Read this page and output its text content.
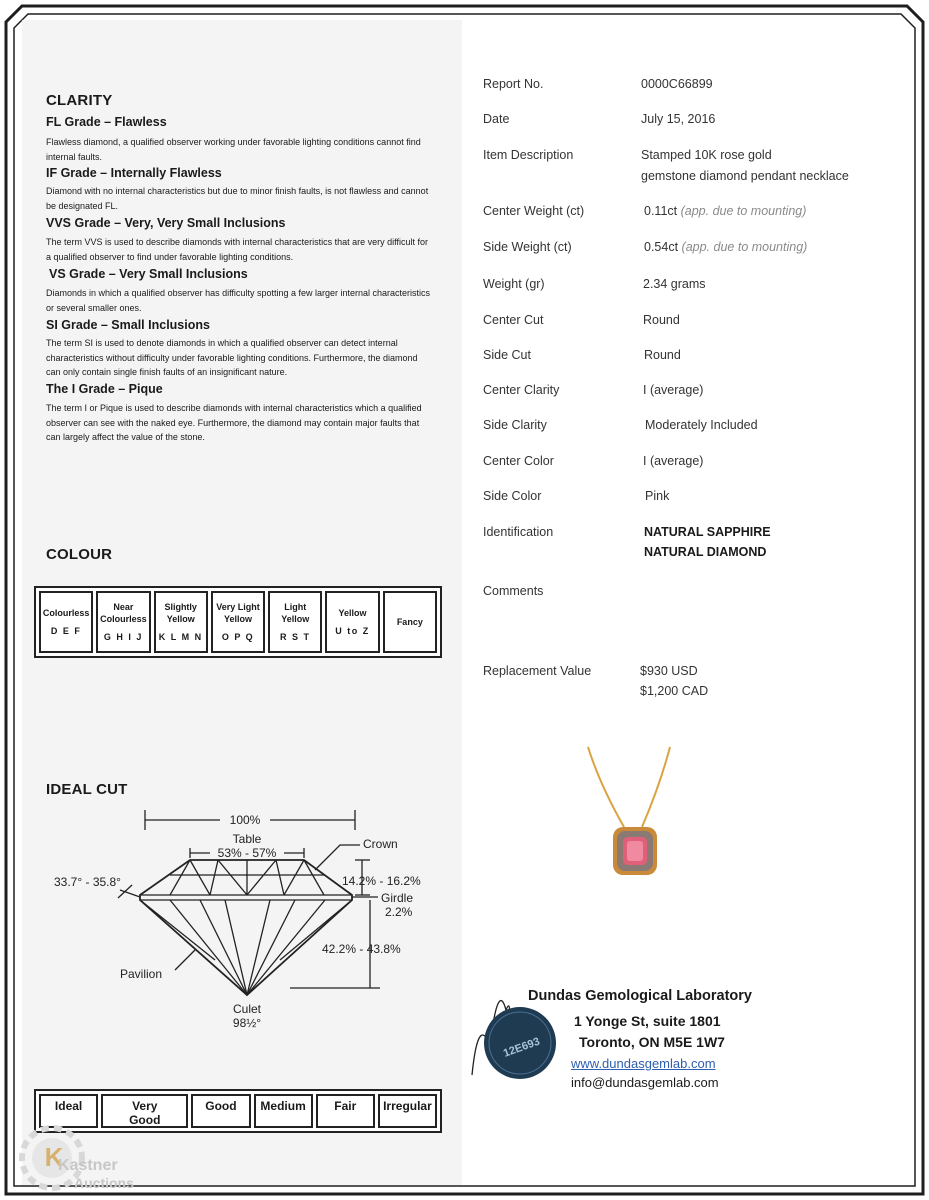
CLARITY
FL Grade – Flawless
Flawless diamond, a qualified observer working under favorable lighting conditions cannot find internal faults.
IF Grade – Internally Flawless
Diamond with no internal characteristics but due to minor finish faults, is not flawless and cannot be designated FL.
VVS Grade – Very, Very Small Inclusions
The term VVS is used to describe diamonds with internal characteristics that are very difficult for a qualified observer to find under favorable lighting conditions.
VS Grade – Very Small Inclusions
Diamonds in which a qualified observer has difficulty spotting a few larger internal characteristics or several smaller ones.
SI Grade – Small Inclusions
The term SI is used to denote diamonds in which a qualified observer can detect internal characteristics without difficulty under favorable lighting conditions. Furthermore, the diamond can only contain single finish faults of an insignificant nature.
The I Grade – Pique
The term I or Pique is used to describe diamonds with internal characteristics which a qualified observer can see with the naked eye. Furthermore, the diamond may contain major faults that can largely affect the value of the stone.
COLOUR
Colourless
D E F
Near Colourless
G H I J
Slightly Yellow
K L M N
Very Light Yellow
O P Q
Light Yellow
R S T
Yellow
U to Z
Fancy
IDEAL CUT
100%
Table
53% - 57%
Crown
33.7° - 35.8°	14.2% - 16.2%
Girdle
2.2%
42.2% - 43.8%
Pavilion
Culet
98½°
Ideal	Very Good
Good	Medium	Fair	Irregular
K
Kastner
Auctions
Report No.	0000C66899
Date	July 15, 2016
Item Description	Stamped 10K rose gold
gemstone diamond pendant necklace
Center Weight (ct)	0.11ct (app. due to mounting)
Side Weight (ct)	0.54ct (app. due to mounting)
Weight (gr)	2.34 grams
Center Cut	Round
Side Cut	Round
Center Clarity	I (average)
Side Clarity	Moderately Included
Center Color	I (average)
Side Color	Pink
Identification	NATURAL SAPPHIRE
NATURAL DIAMOND
Comments
Replacement Value	$930 USD
$1,200 CAD
12E693
Dundas Gemological Laboratory
1 Yonge St, suite 1801
Toronto, ON M5E 1W7
www.dundasgemlab.com
info@dundasgemlab.com
